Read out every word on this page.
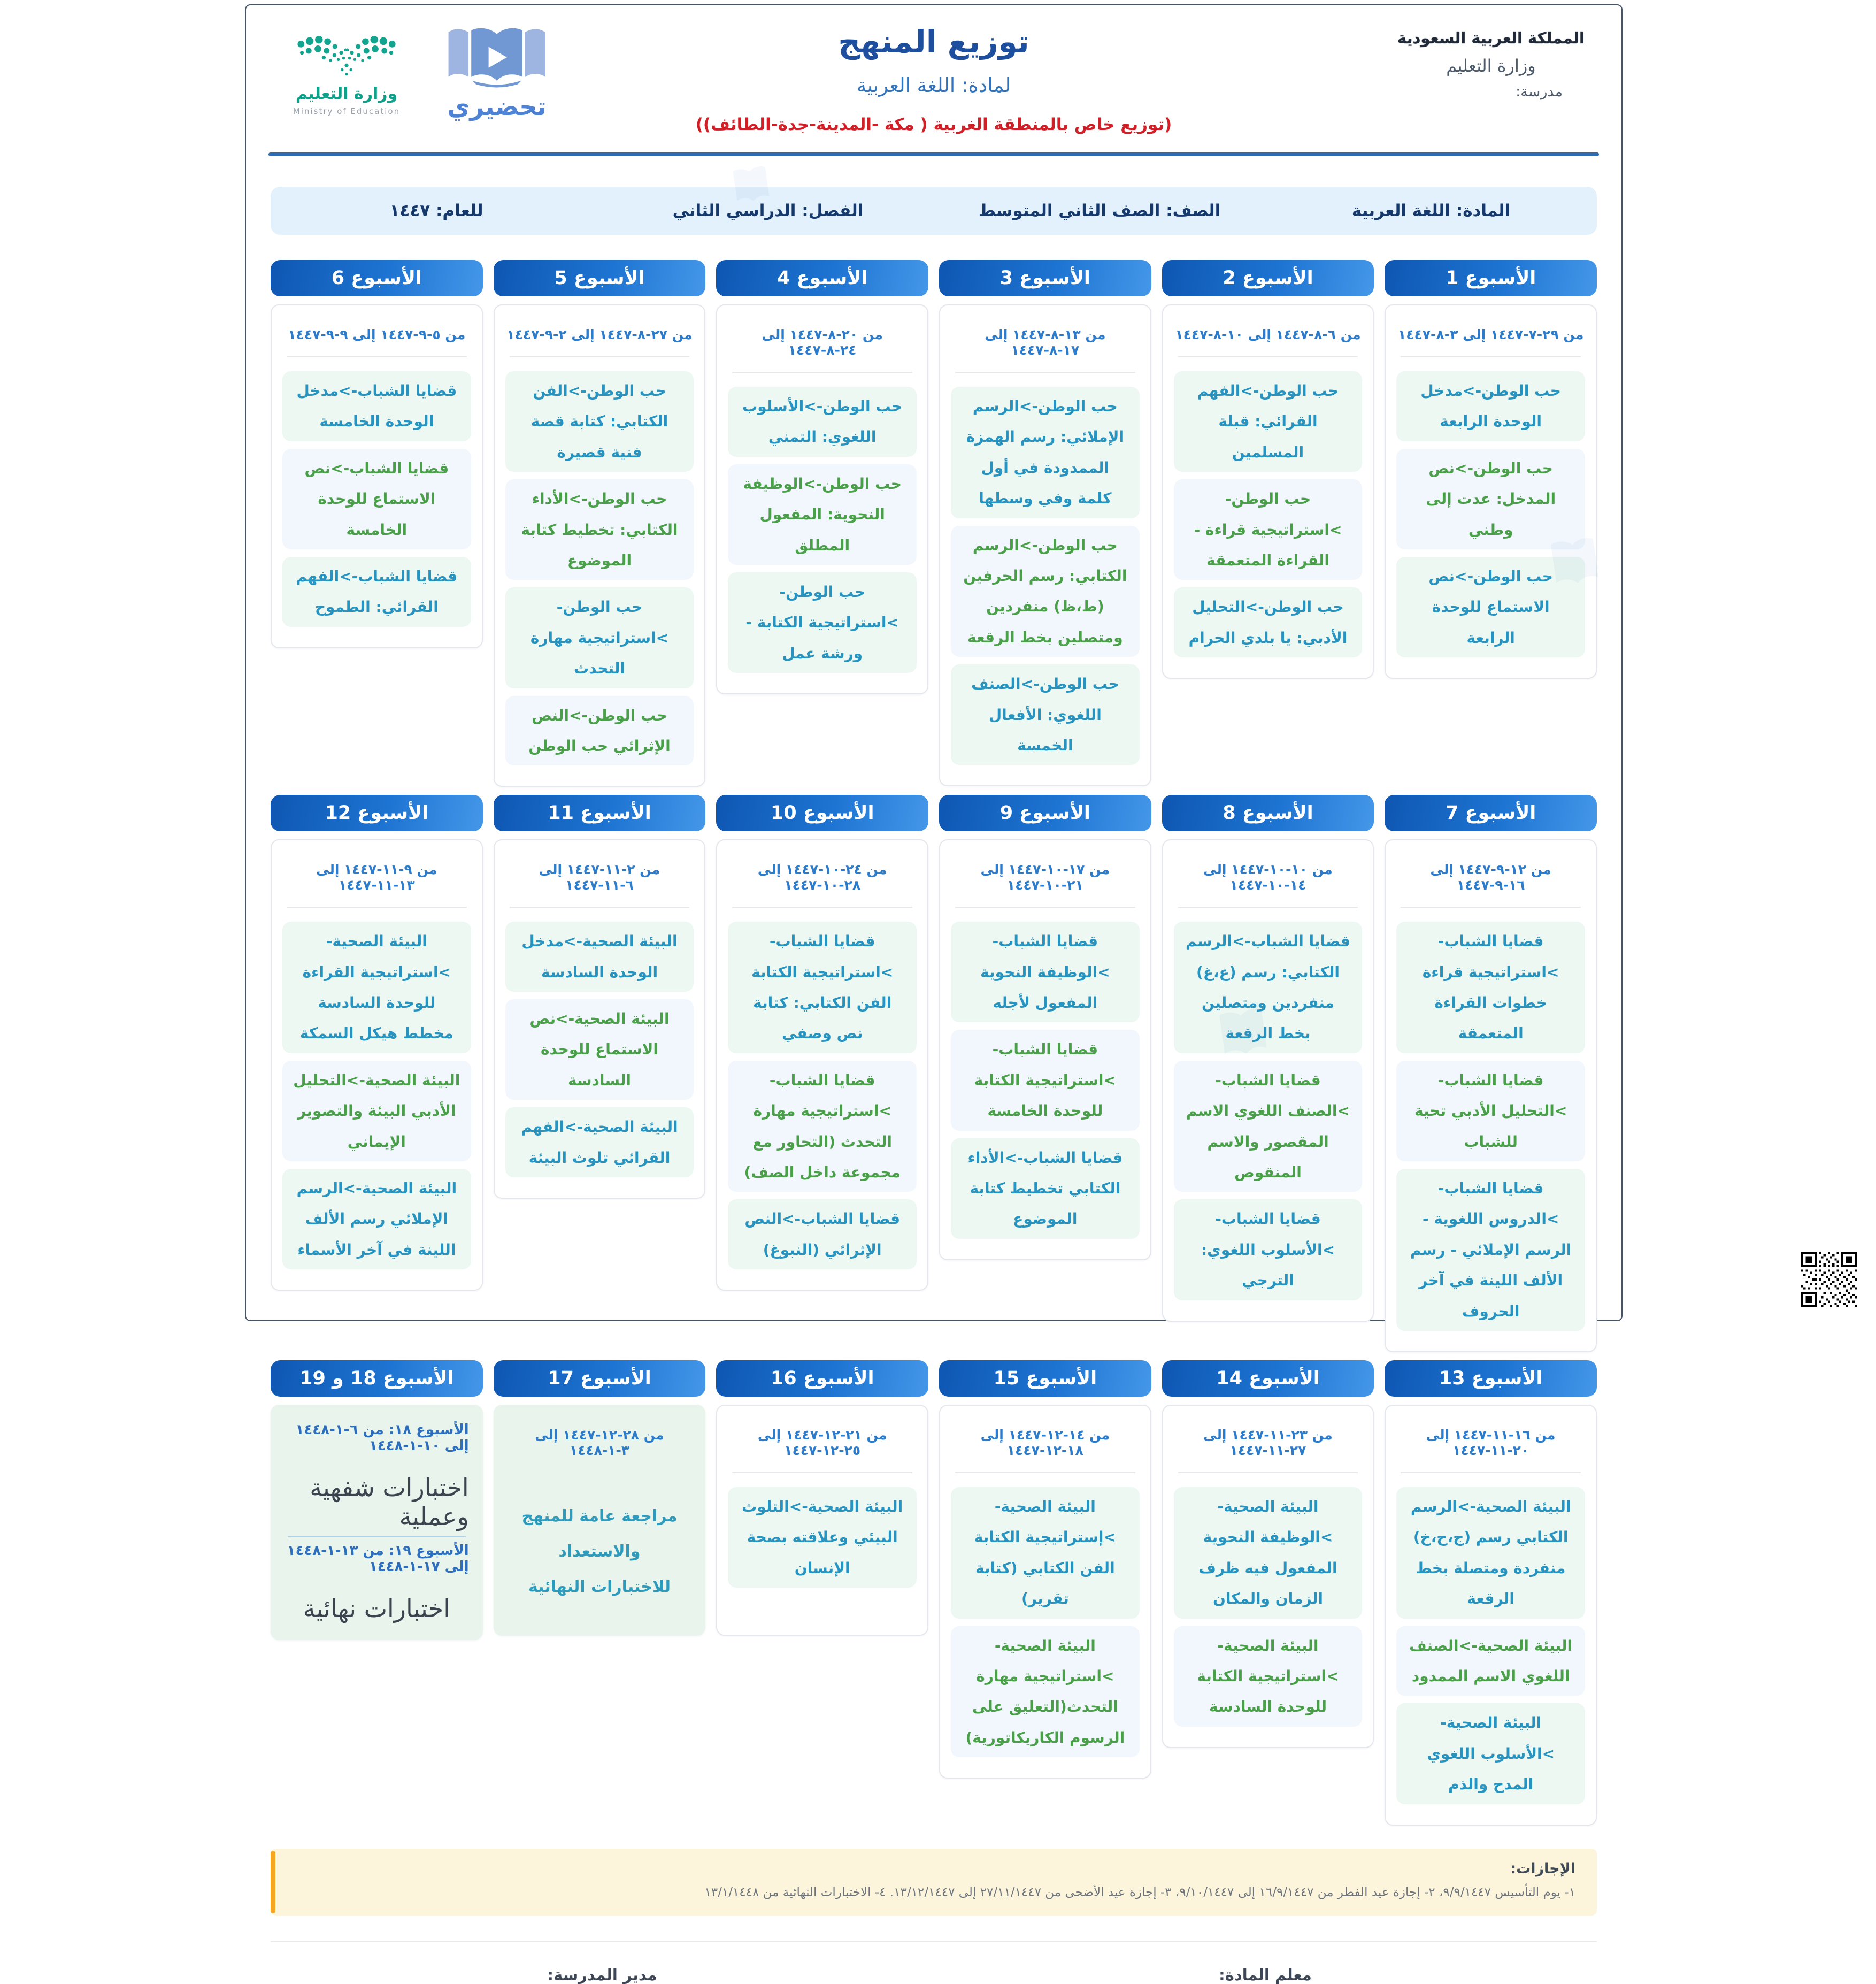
تحضيري
وزارة التعليم
Ministry of Education
توزيع المنهج
لمادة: اللغة العربية
(توزيع خاص بالمنطقة الغربية ( مكة -المدينة-جدة-الطائف))
المملكة العربية السعودية
وزارة التعليم
مدرسة:
المادة: اللغة العربية
الصف: الصف الثاني المتوسط
الفصل: الدراسي الثاني
للعام: ١٤٤٧
الأسبوع 1
من ٢٩-٧-١٤٤٧ إلى ٣-٨-١٤٤٧
حب الوطن->مدخل الوحدة الرابعة
حب الوطن->نص المدخل: عدت إلى وطني
حب الوطن->نص الاستماع للوحدة الرابعة
الأسبوع 2
من ٦-٨-١٤٤٧ إلى ١٠-٨-١٤٤٧
حب الوطن->الفهم القرائي: قبلة المسلمين
حب الوطن->استراتيجية قراءة - القراءة المتعمقة
حب الوطن->التحليل الأدبي: يا بلدي الحرام
الأسبوع 3
من ١٣-٨-١٤٤٧ إلى ١٧-٨-١٤٤٧
حب الوطن->الرسم الإملائي: رسم الهمزة الممدودة في أول كلمة وفي وسطها
حب الوطن->الرسم الكتابي: رسم الحرفين (ط،ظ) منفردين ومتصلين بخط الرقعة
حب الوطن->الصنف اللغوي: الأفعال الخمسة
الأسبوع 4
من ٢٠-٨-١٤٤٧ إلى ٢٤-٨-١٤٤٧
حب الوطن->الأسلوب اللغوي: التمني
حب الوطن->الوظيفة النحوية: المفعول المطلق
حب الوطن->استراتيجية الكتابة - ورشة عمل
الأسبوع 5
من ٢٧-٨-١٤٤٧ إلى ٢-٩-١٤٤٧
حب الوطن->الفن الكتابي: كتابة قصة فنية قصيرة
حب الوطن->الأداء الكتابي: تخطيط كتابة الموضوع
حب الوطن->استراتيجية مهارة التحدث
حب الوطن->النص الإثرائي حب الوطن
الأسبوع 6
من ٥-٩-١٤٤٧ إلى ٩-٩-١٤٤٧
قضايا الشباب->مدخل الوحدة الخامسة
قضايا الشباب->نص الاستماع للوحدة الخامسة
قضايا الشباب->الفهم القرائي: الطموح
الأسبوع 7
من ١٢-٩-١٤٤٧ إلى ١٦-٩-١٤٤٧
قضايا الشباب->استراتيجية قراءة خطوات القراءة المتعمقة
قضايا الشباب->التحليل الأدبي تحية للشباب
قضايا الشباب->الدروس اللغوية - الرسم الإملائي - رسم الألف اللينة في آخر الحروف
الأسبوع 8
من ١٠-١٠-١٤٤٧ إلى ١٤-١٠-١٤٤٧
قضايا الشباب->الرسم الكتابي: رسم (ع،غ) منفردين ومتصلين بخط الرقعة
قضايا الشباب->الصنف اللغوي الاسم المقصور والاسم المنقوص
قضايا الشباب->الأسلوب اللغوي: الترجي
الأسبوع 9
من ١٧-١٠-١٤٤٧ إلى ٢١-١٠-١٤٤٧
قضايا الشباب->الوظيفة النحوية المفعول لأجله
قضايا الشباب->استراتيجية الكتابة للوحدة الخامسة
قضايا الشباب->الأداء الكتابي تخطيط كتابة الموضوع
الأسبوع 10
من ٢٤-١٠-١٤٤٧ إلى ٢٨-١٠-١٤٤٧
قضايا الشباب->استراتيجية الكتابة الفن الكتابي: كتابة نص وصفي
قضايا الشباب->استراتيجية مهارة التحدث (التحاور مع مجموعة داخل الصف)
قضايا الشباب->النص الإثرائي (النبوغ)
الأسبوع 11
من ٢-١١-١٤٤٧ إلى ٦-١١-١٤٤٧
البيئة الصحية->مدخل الوحدة السادسة
البيئة الصحية->نص الاستماع للوحدة السادسة
البيئة الصحية->الفهم القرائي تلوث البيئة
الأسبوع 12
من ٩-١١-١٤٤٧ إلى ١٣-١١-١٤٤٧
البيئة الصحية->استراتيجية القراءة للوحدة السادسة مخطط هيكل السمكة
البيئة الصحية->التحليل الأدبي البيئة والتصوير الإيماني
البيئة الصحية->الرسم الإملائي رسم الألف اللينة في آخر الأسماء
الأسبوع 13
من ١٦-١١-١٤٤٧ إلى ٢٠-١١-١٤٤٧
البيئة الصحية->الرسم الكتابي رسم (ج،ح،خ) منفردة ومتصلة بخط الرقعة
البيئة الصحية->الصنف اللغوي الاسم الممدود
البيئة الصحية->الأسلوب اللغوي المدح والذم
الأسبوع 14
من ٢٣-١١-١٤٤٧ إلى ٢٧-١١-١٤٤٧
البيئة الصحية->الوظيفة النحوية المفعول فيه ظرف الزمان والمكان
البيئة الصحية->استراتيجية الكتابة للوحدة السادسة
الأسبوع 15
من ١٤-١٢-١٤٤٧ إلى ١٨-١٢-١٤٤٧
البيئة الصحية->إستراتيجية الكتابة الفن الكتابي (كتابة تقرير)
البيئة الصحية->استراتيجية مهارة التحدث(التعليق على الرسوم الكاريكاتورية)
الأسبوع 16
من ٢١-١٢-١٤٤٧ إلى ٢٥-١٢-١٤٤٧
البيئة الصحية->التلوث البيئي وعلاقته بصحة الإنسان
الأسبوع 17
من ٢٨-١٢-١٤٤٧ إلى ٣-١-١٤٤٨
مراجعة عامة للمنهج والاستعداد للاختبارات النهائية
الأسبوع 18 و 19
الأسبوع ١٨: من ٦-١-١٤٤٨ إلى ١٠-١-١٤٤٨
اختبارات شفهية وعملية
الأسبوع ١٩: من ١٣-١-١٤٤٨ إلى ١٧-١-١٤٤٨
اختبارات نهائية
الإجازات:
١- يوم التأسيس ٩/٩/١٤٤٧، ٢- إجازة عيد الفطر من ١٦/٩/١٤٤٧ إلى ٩/١٠/١٤٤٧، ٣- إجازة عيد الأضحى من ٢٧/١١/١٤٤٧ إلى ١٣/١٢/١٤٤٧. ٤- الاختبارات النهائية من ١٣/١/١٤٤٨
معلم المادة:
مدير المدرسة:
